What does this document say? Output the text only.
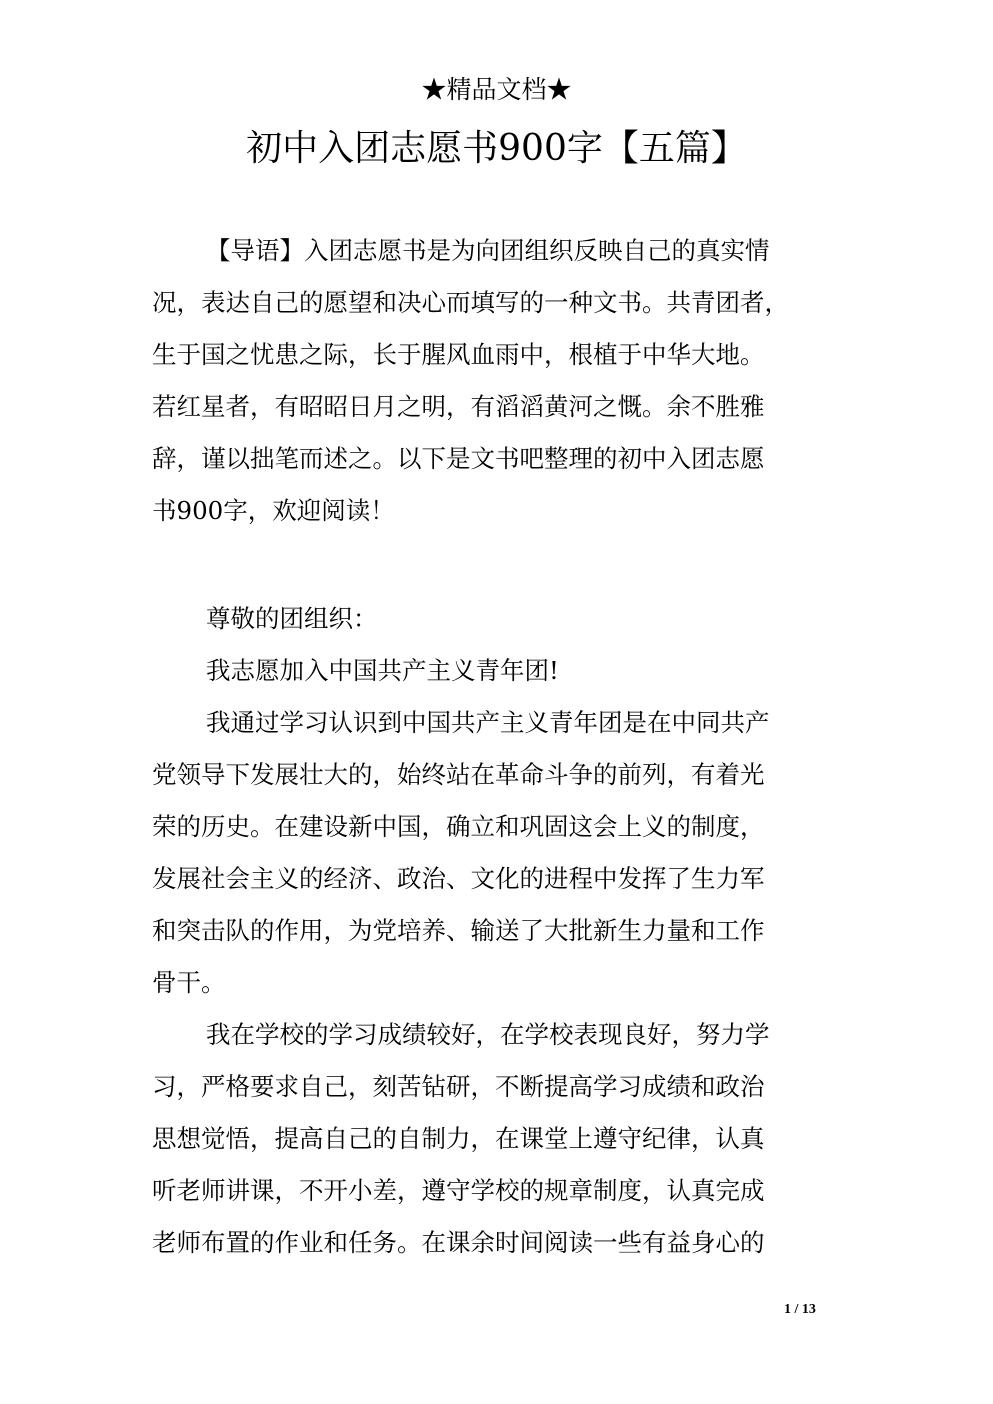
★精品文档★
初中入团志愿书900字【五篇】
【导语】入团志愿书是为向团组织反映自己的真实情
况，表达自己的愿望和决心而填写的一种文书。共青团者，
生于国之忧患之际，长于腥风血雨中，根植于中华大地。
若红星者，有昭昭日月之明，有滔滔黄河之慨。余不胜雅
辞，谨以拙笔而述之。以下是文书吧整理的初中入团志愿
书900字，欢迎阅读！
尊敬的团组织：
我志愿加入中国共产主义青年团!
我通过学习认识到中国共产主义青年团是在中同共产
党领导下发展壮大的，始终站在革命斗争的前列，有着光
荣的历史。在建设新中国，确立和巩固这会上义的制度，
发展社会主义的经济、政治、文化的进程中发挥了生力军
和突击队的作用，为党培养、输送了大批新生力量和工作
骨干。
我在学校的学习成绩较好，在学校表现良好，努力学
习，严格要求自己，刻苦钻研，不断提高学习成绩和政治
思想觉悟，提高自己的自制力，在课堂上遵守纪律，认真
听老师讲课，不开小差，遵守学校的规章制度，认真完成
老师布置的作业和任务。在课余时间阅读一些有益身心的
1 / 13
